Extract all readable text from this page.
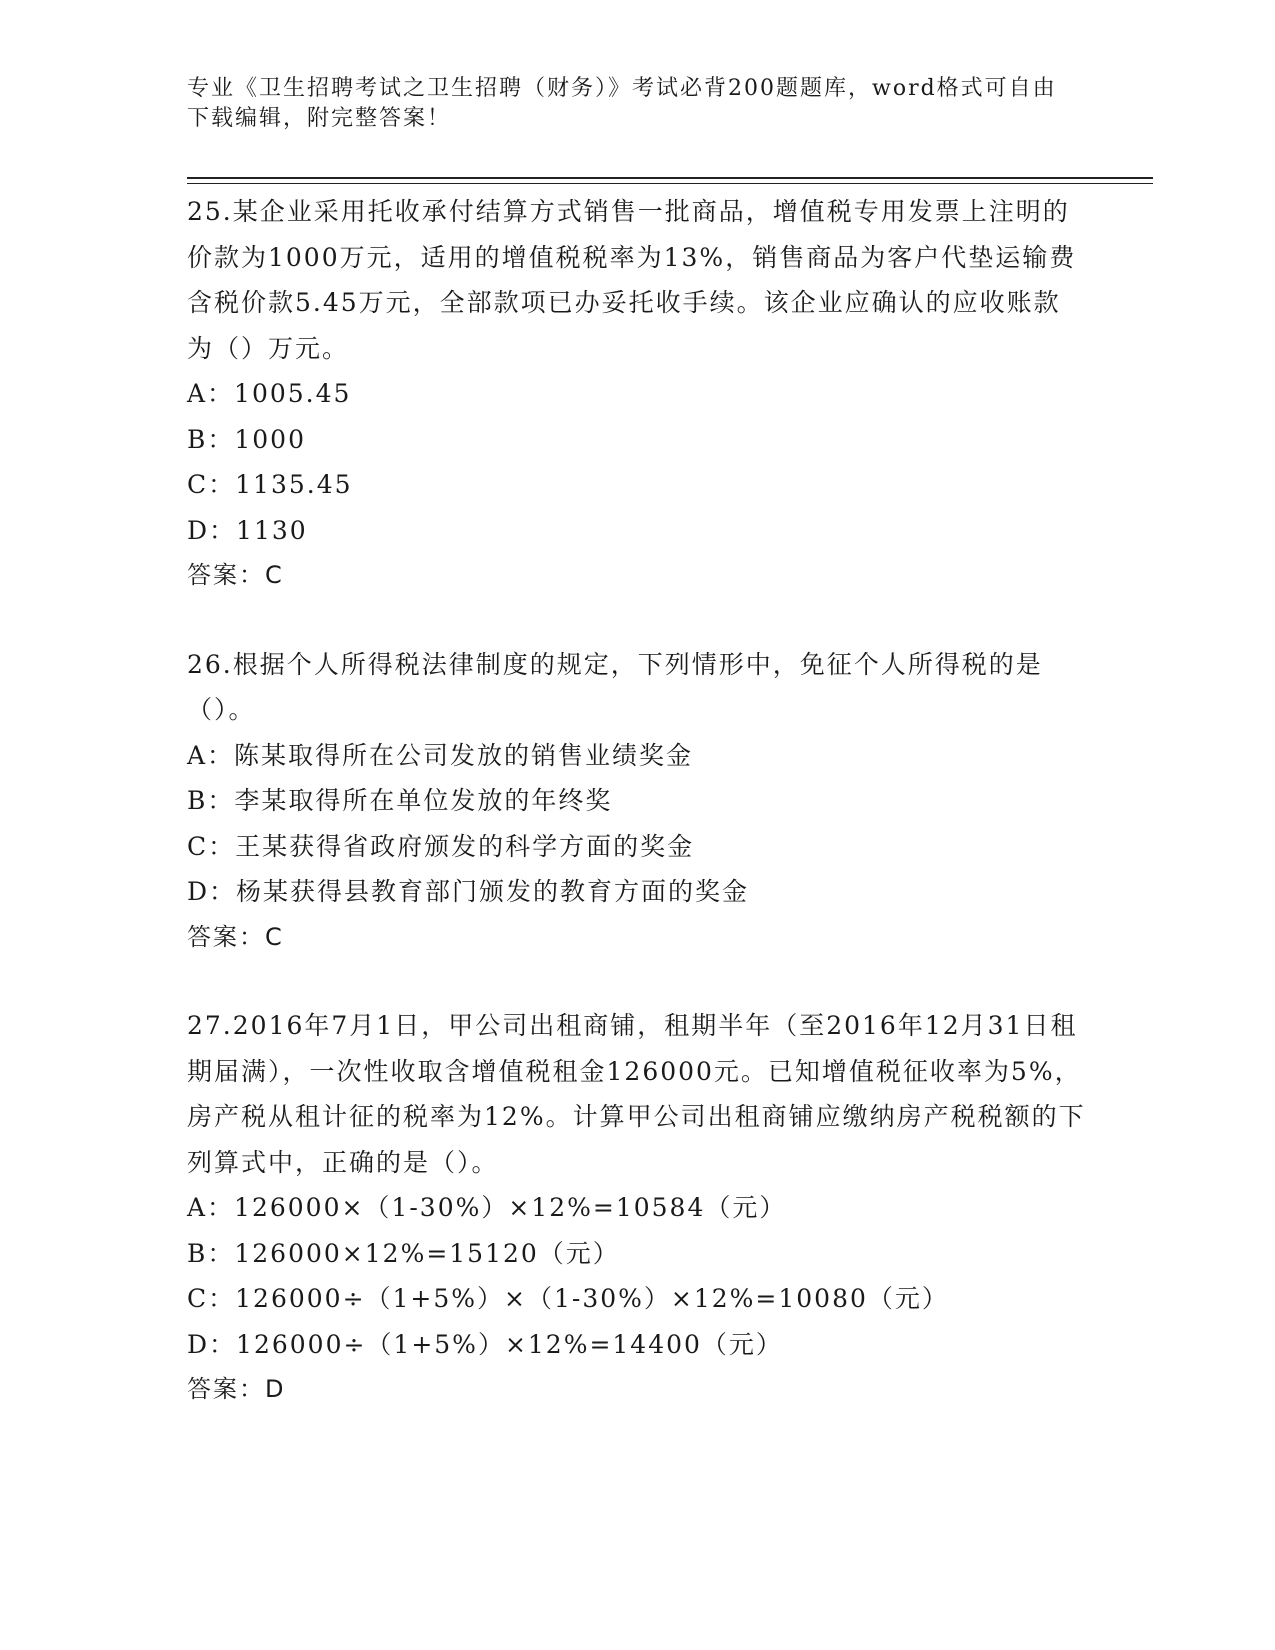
专业《卫生招聘考试之卫生招聘（财务）》考试必背200题题库，word格式可自由下载编辑，附完整答案！
25.某企业采用托收承付结算方式销售一批商品，增值税专用发票上注明的价款为1000万元，适用的增值税税率为13%，销售商品为客户代垫运输费含税价款5.45万元，全部款项已办妥托收手续。该企业应确认的应收账款为（）万元。
A：1005.45
B：1000
C：1135.45
D：1130
答案：C
26.根据个人所得税法律制度的规定，下列情形中，免征个人所得税的是（）。
A：陈某取得所在公司发放的销售业绩奖金
B：李某取得所在单位发放的年终奖
C：王某获得省政府颁发的科学方面的奖金
D：杨某获得县教育部门颁发的教育方面的奖金
答案：C
27.2016年7月1日，甲公司出租商铺，租期半年（至2016年12月31日租期届满），一次性收取含增值税租金126000元。已知增值税征收率为5%，房产税从租计征的税率为12%。计算甲公司出租商铺应缴纳房产税税额的下列算式中，正确的是（）。
A：126000×（1-30%）×12%=10584（元）
B：126000×12%=15120（元）
C：126000÷（1+5%）×（1-30%）×12%=10080（元）
D：126000÷（1+5%）×12%=14400（元）
答案：D
